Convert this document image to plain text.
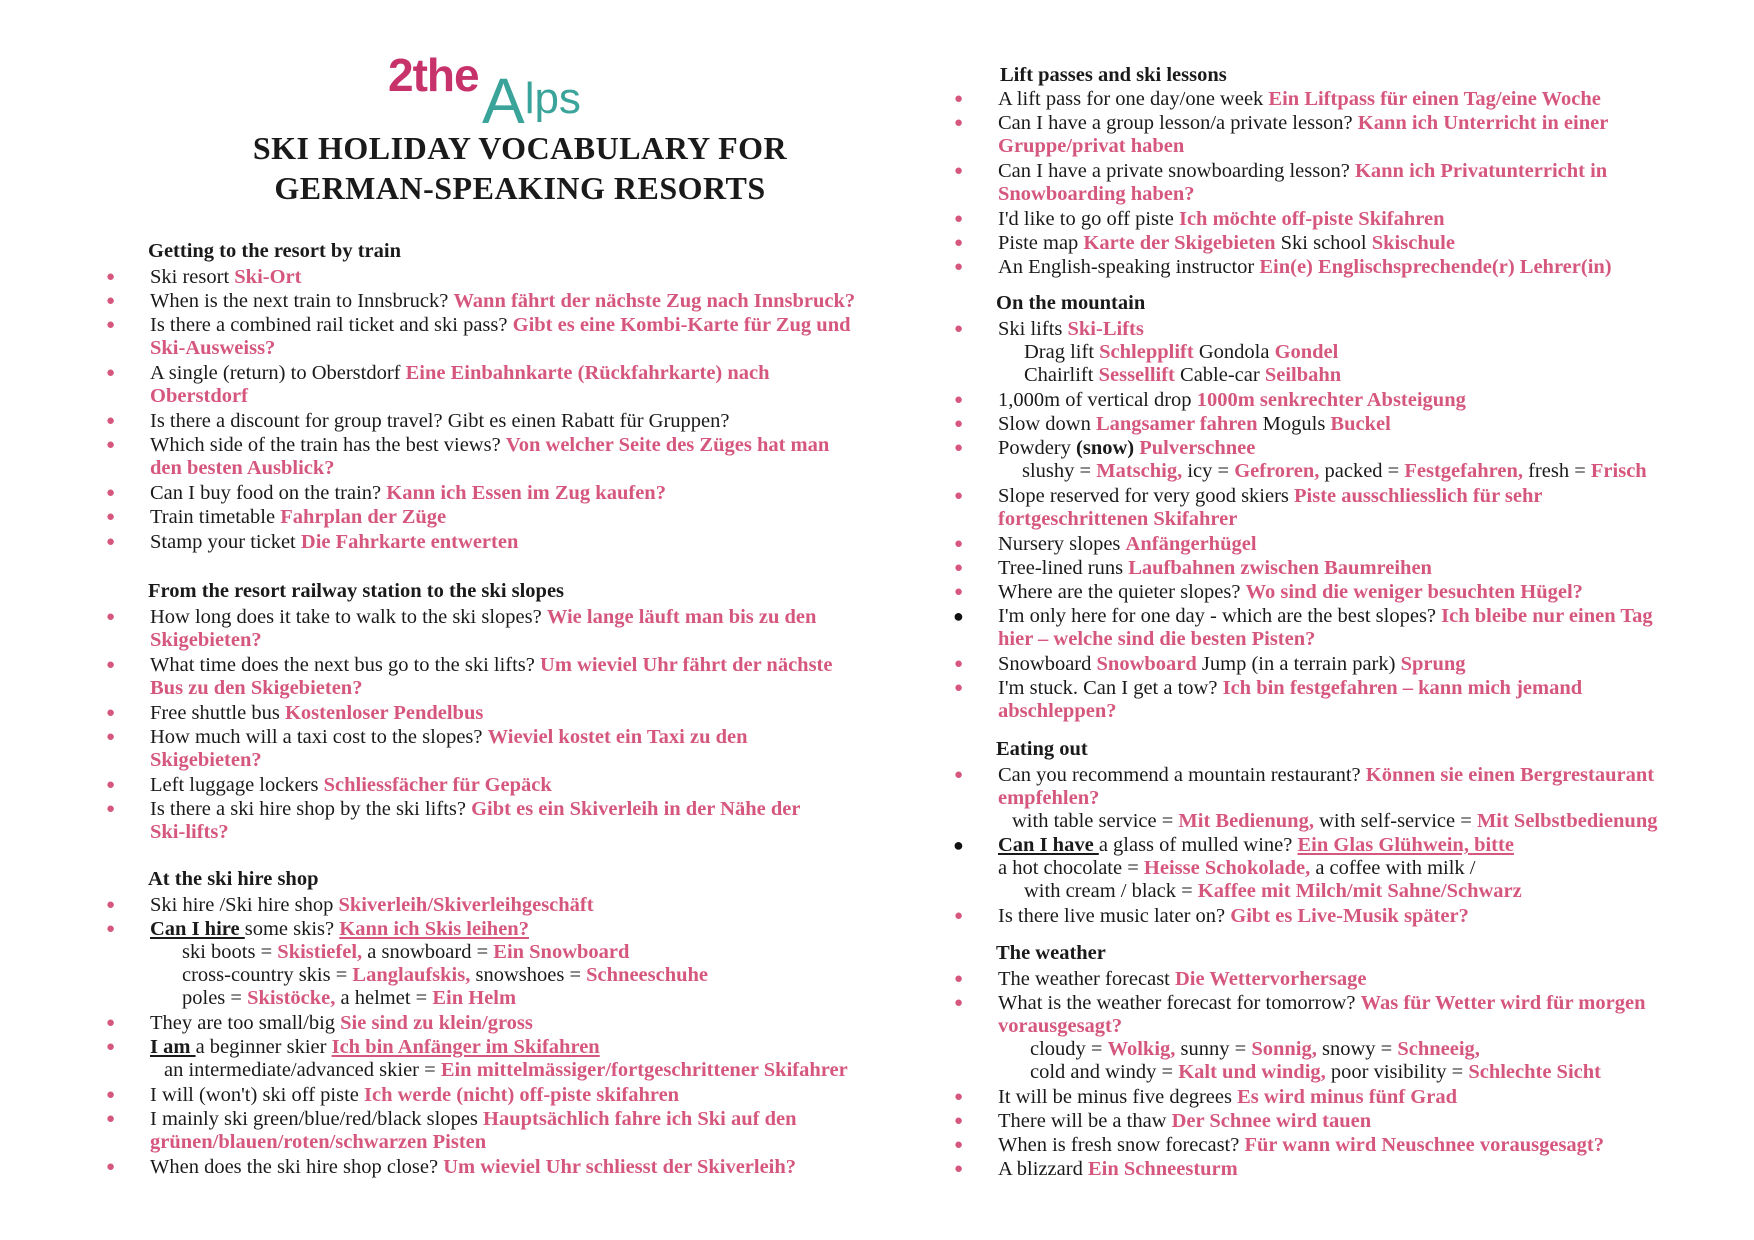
2the Alps
SKI HOLIDAY VOCABULARY FOR
GERMAN-SPEAKING RESORTS
Getting to the resort by train
● Ski resort Ski-Ort
● When is the next train to Innsbruck? Wann fährt der nächste Zug nach Innsbruck?
● Is there a combined rail ticket and ski pass? Gibt es eine Kombi-Karte für Zug und
Ski-Ausweiss?
● A single (return) to Oberstdorf Eine Einbahnkarte (Rückfahrkarte) nach
Oberstdorf
● Is there a discount for group travel? Gibt es einen Rabatt für Gruppen?
● Which side of the train has the best views? Von welcher Seite des Züges hat man
den besten Ausblick?
● Can I buy food on the train? Kann ich Essen im Zug kaufen?
● Train timetable Fahrplan der Züge
● Stamp your ticket Die Fahrkarte entwerten
From the resort railway station to the ski slopes
● How long does it take to walk to the ski slopes? Wie lange läuft man bis zu den
Skigebieten?
● What time does the next bus go to the ski lifts? Um wieviel Uhr fährt der nächste
Bus zu den Skigebieten?
● Free shuttle bus Kostenloser Pendelbus
● How much will a taxi cost to the slopes? Wieviel kostet ein Taxi zu den
Skigebieten?
● Left luggage lockers Schliessfächer für Gepäck
● Is there a ski hire shop by the ski lifts? Gibt es ein Skiverleih in der Nähe der
Ski-lifts?
At the ski hire shop
● Ski hire /Ski hire shop Skiverleih/Skiverleihgeschäft
● Can I hire some skis? Kann ich Skis leihen?
ski boots = Skistiefel, a snowboard = Ein Snowboard
cross-country skis = Langlaufskis, snowshoes = Schneeschuhe
poles = Skistöcke, a helmet = Ein Helm
● They are too small/big Sie sind zu klein/gross
● I am a beginner skier Ich bin Anfänger im Skifahren
an intermediate/advanced skier = Ein mittelmässiger/fortgeschrittener Skifahrer
● I will (won't) ski off piste Ich werde (nicht) off-piste skifahren
● I mainly ski green/blue/red/black slopes Hauptsächlich fahre ich Ski auf den
grünen/blauen/roten/schwarzen Pisten
● When does the ski hire shop close? Um wieviel Uhr schliesst der Skiverleih?
Lift passes and ski lessons
● A lift pass for one day/one week Ein Liftpass für einen Tag/eine Woche
● Can I have a group lesson/a private lesson? Kann ich Unterricht in einer
Gruppe/privat haben
● Can I have a private snowboarding lesson? Kann ich Privatunterricht in
Snowboarding haben?
● I'd like to go off piste Ich möchte off-piste Skifahren
● Piste map Karte der Skigebieten Ski school Skischule
● An English-speaking instructor Ein(e) Englischsprechende(r) Lehrer(in)
On the mountain
● Ski lifts Ski-Lifts
Drag lift Schlepplift Gondola Gondel
Chairlift Sessellift Cable-car Seilbahn
● 1,000m of vertical drop 1000m senkrechter Absteigung
● Slow down Langsamer fahren Moguls Buckel
● Powdery (snow) Pulverschnee
slushy = Matschig, icy = Gefroren, packed = Festgefahren, fresh = Frisch
● Slope reserved for very good skiers Piste ausschliesslich für sehr
fortgeschrittenen Skifahrer
● Nursery slopes Anfängerhügel
● Tree-lined runs Laufbahnen zwischen Baumreihen
● Where are the quieter slopes? Wo sind die weniger besuchten Hügel?
● I'm only here for one day - which are the best slopes? Ich bleibe nur einen Tag
hier – welche sind die besten Pisten?
● Snowboard Snowboard Jump (in a terrain park) Sprung
● I'm stuck. Can I get a tow? Ich bin festgefahren – kann mich jemand
abschleppen?
Eating out
● Can you recommend a mountain restaurant? Können sie einen Bergrestaurant
empfehlen?
with table service = Mit Bedienung, with self-service = Mit Selbstbedienung
● Can I have a glass of mulled wine? Ein Glas Glühwein, bitte
a hot chocolate = Heisse Schokolade, a coffee with milk /
with cream / black = Kaffee mit Milch/mit Sahne/Schwarz
● Is there live music later on? Gibt es Live-Musik später?
The weather
● The weather forecast Die Wettervorhersage
● What is the weather forecast for tomorrow? Was für Wetter wird für morgen
vorausgesagt?
cloudy = Wolkig, sunny = Sonnig, snowy = Schneeig,
cold and windy = Kalt und windig, poor visibility = Schlechte Sicht
● It will be minus five degrees Es wird minus fünf Grad
● There will be a thaw Der Schnee wird tauen
● When is fresh snow forecast? Für wann wird Neuschnee vorausgesagt?
● A blizzard Ein Schneesturm
